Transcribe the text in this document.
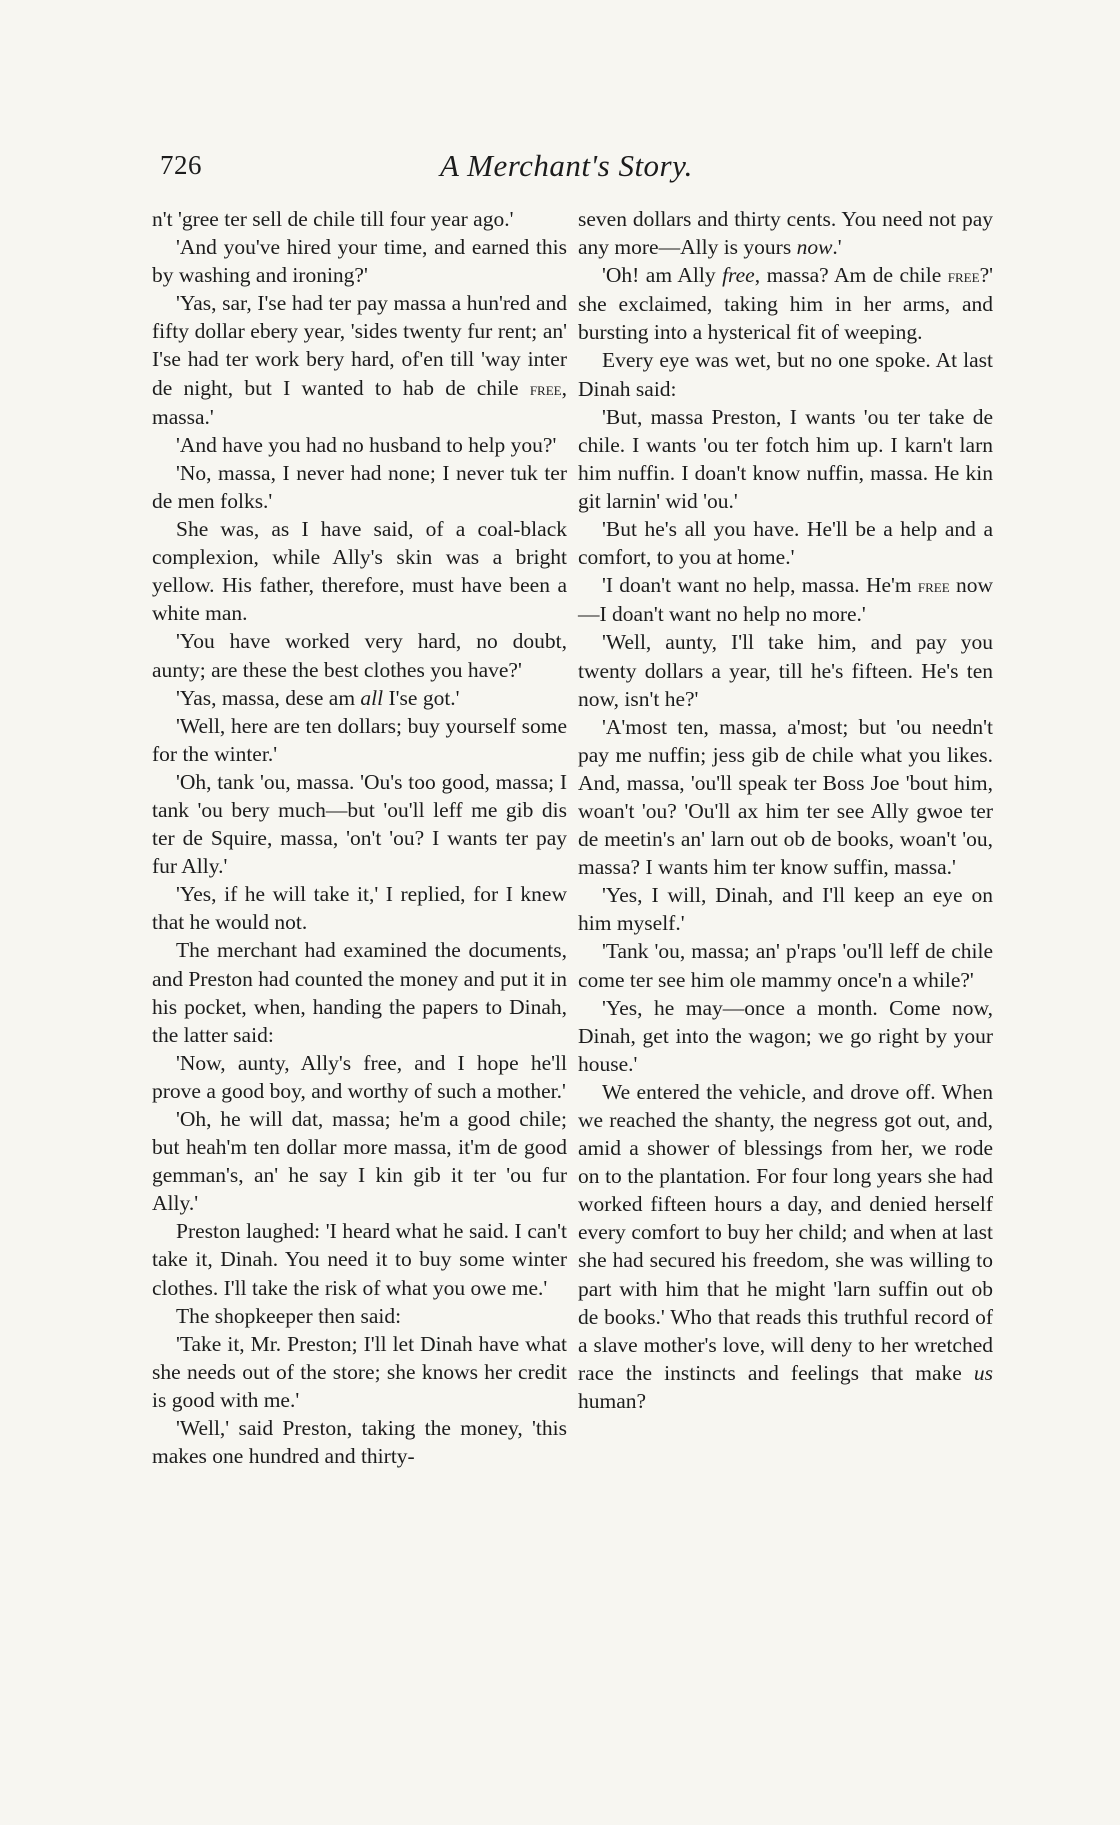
726	A Merchant's Story.

n't 'gree ter sell de chile till four year ago.'

'And you've hired your time, and earned this by washing and ironing?'

'Yas, sar, I'se had ter pay massa a hun'red and fifty dollar ebery year, 'sides twenty fur rent; an' I'se had ter work bery hard, of'en till 'way inter de night, but I wanted to hab de chile free, massa.'

'And have you had no husband to help you?'

'No, massa, I never had none; I never tuk ter de men folks.'

She was, as I have said, of a coal-black complexion, while Ally's skin was a bright yellow. His father, therefore, must have been a white man.

'You have worked very hard, no doubt, aunty; are these the best clothes you have?'

'Yas, massa, dese am all I'se got.'

'Well, here are ten dollars; buy yourself some for the winter.'

'Oh, tank 'ou, massa. 'Ou's too good, massa; I tank 'ou bery much—but 'ou'll leff me gib dis ter de Squire, massa, 'on't 'ou? I wants ter pay fur Ally.'

'Yes, if he will take it,' I replied, for I knew that he would not.

The merchant had examined the documents, and Preston had counted the money and put it in his pocket, when, handing the papers to Dinah, the latter said:

'Now, aunty, Ally's free, and I hope he'll prove a good boy, and worthy of such a mother.'

'Oh, he will dat, massa; he'm a good chile; but heah'm ten dollar more massa, it'm de good gemman's, an' he say I kin gib it ter 'ou fur Ally.'

Preston laughed: 'I heard what he said. I can't take it, Dinah. You need it to buy some winter clothes. I'll take the risk of what you owe me.'

The shopkeeper then said:

'Take it, Mr. Preston; I'll let Dinah have what she needs out of the store; she knows her credit is good with me.'

'Well,' said Preston, taking the money, 'this makes one hundred and thirty-

seven dollars and thirty cents. You need not pay any more—Ally is yours now.'

'Oh! am Ally free, massa? Am de chile free?' she exclaimed, taking him in her arms, and bursting into a hysterical fit of weeping.

Every eye was wet, but no one spoke. At last Dinah said:

'But, massa Preston, I wants 'ou ter take de chile. I wants 'ou ter fotch him up. I karn't larn him nuffin. I doan't know nuffin, massa. He kin git larnin' wid 'ou.'

'But he's all you have. He'll be a help and a comfort, to you at home.'

'I doan't want no help, massa. He'm free now—I doan't want no help no more.'

'Well, aunty, I'll take him, and pay you twenty dollars a year, till he's fifteen. He's ten now, isn't he?'

'A'most ten, massa, a'most; but 'ou needn't pay me nuffin; jess gib de chile what you likes. And, massa, 'ou'll speak ter Boss Joe 'bout him, woan't 'ou? 'Ou'll ax him ter see Ally gwoe ter de meetin's an' larn out ob de books, woan't 'ou, massa? I wants him ter know suffin, massa.'

'Yes, I will, Dinah, and I'll keep an eye on him myself.'

'Tank 'ou, massa; an' p'raps 'ou'll leff de chile come ter see him ole mammy once'n a while?'

'Yes, he may—once a month. Come now, Dinah, get into the wagon; we go right by your house.'

We entered the vehicle, and drove off. When we reached the shanty, the negress got out, and, amid a shower of blessings from her, we rode on to the plantation. For four long years she had worked fifteen hours a day, and denied herself every comfort to buy her child; and when at last she had secured his freedom, she was willing to part with him that he might 'larn suffin out ob de books.' Who that reads this truthful record of a slave mother's love, will deny to her wretched race the instincts and feelings that make us human?
